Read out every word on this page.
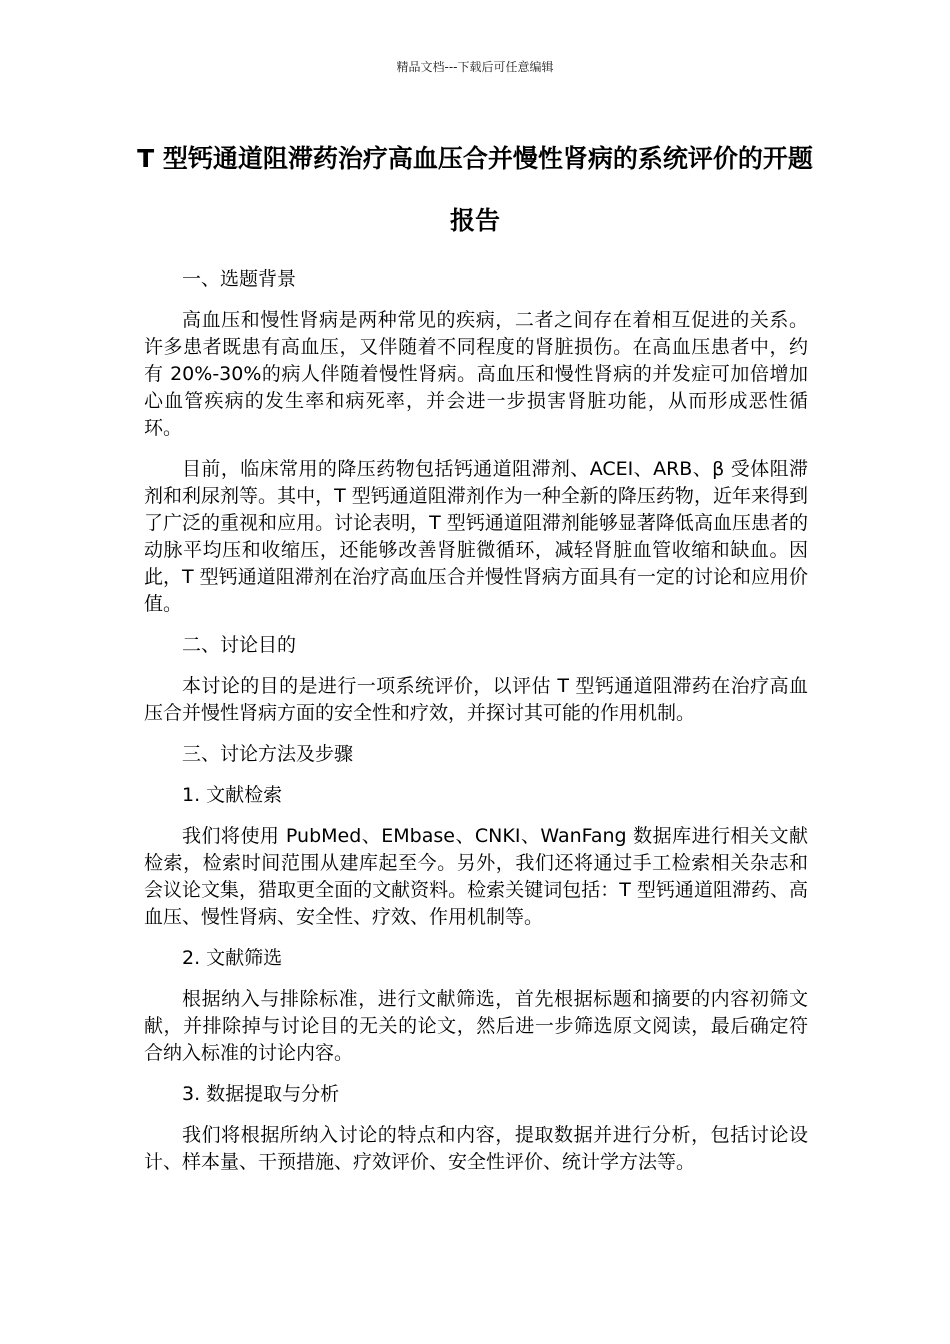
精品文档---下载后可任意编辑
T 型钙通道阻滞药治疗高血压合并慢性肾病的系统评价的开题报告

一、选题背景

高血压和慢性肾病是两种常见的疾病，二者之间存在着相互促进的关系。许多患者既患有高血压，又伴随着不同程度的肾脏损伤。在高血压患者中，约有 20%-30%的病人伴随着慢性肾病。高血压和慢性肾病的并发症可加倍增加心血管疾病的发生率和病死率，并会进一步损害肾脏功能，从而形成恶性循环。

目前，临床常用的降压药物包括钙通道阻滞剂、ACEI、ARB、β 受体阻滞剂和利尿剂等。其中，T 型钙通道阻滞剂作为一种全新的降压药物，近年来得到了广泛的重视和应用。讨论表明，T 型钙通道阻滞剂能够显著降低高血压患者的动脉平均压和收缩压，还能够改善肾脏微循环，减轻肾脏血管收缩和缺血。因此，T 型钙通道阻滞剂在治疗高血压合并慢性肾病方面具有一定的讨论和应用价值。

二、讨论目的

本讨论的目的是进行一项系统评价，以评估 T 型钙通道阻滞药在治疗高血压合并慢性肾病方面的安全性和疗效，并探讨其可能的作用机制。

三、讨论方法及步骤

1. 文献检索

我们将使用 PubMed、EMbase、CNKI、WanFang 数据库进行相关文献检索，检索时间范围从建库起至今。另外，我们还将通过手工检索相关杂志和会议论文集，猎取更全面的文献资料。检索关键词包括：T 型钙通道阻滞药、高血压、慢性肾病、安全性、疗效、作用机制等。

2. 文献筛选

根据纳入与排除标准，进行文献筛选，首先根据标题和摘要的内容初筛文献，并排除掉与讨论目的无关的论文，然后进一步筛选原文阅读，最后确定符合纳入标准的讨论内容。

3. 数据提取与分析

我们将根据所纳入讨论的特点和内容，提取数据并进行分析，包括讨论设计、样本量、干预措施、疗效评价、安全性评价、统计学方法等。
